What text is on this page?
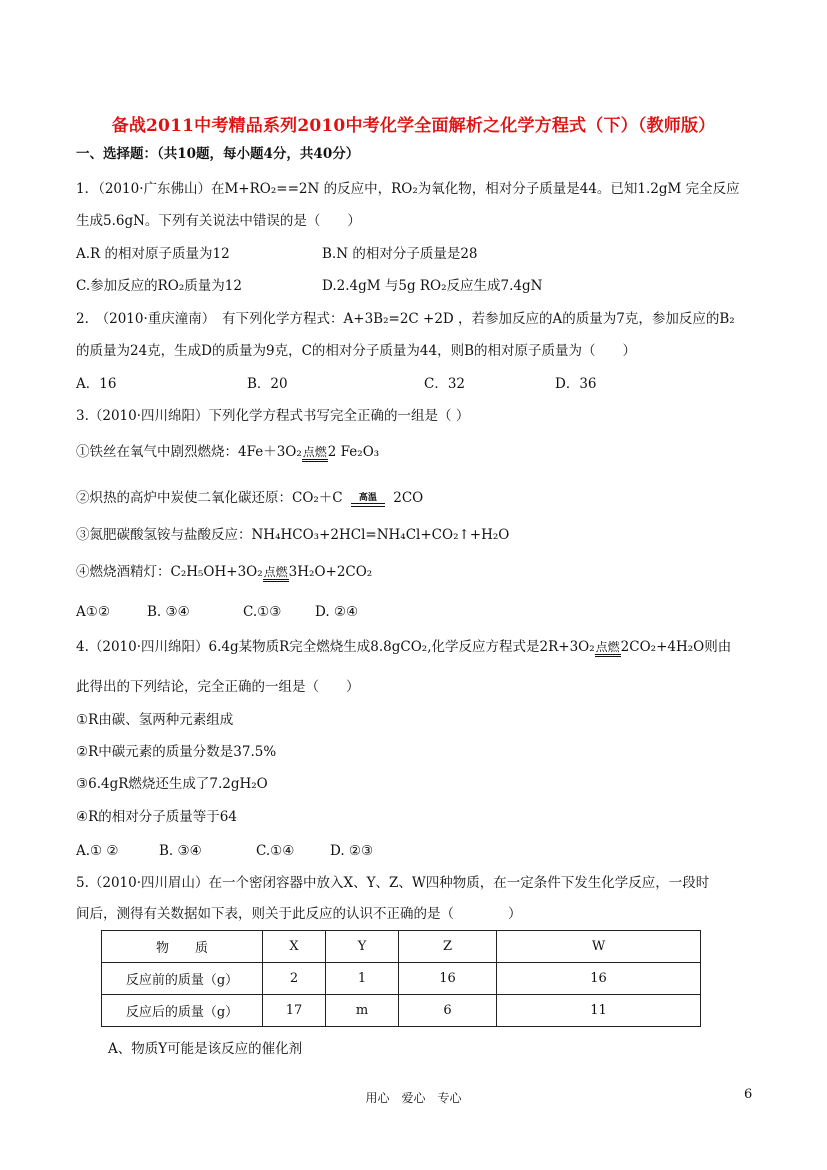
备战2011中考精品系列2010中考化学全面解析之化学方程式（下）（教师版）
一、选择题：（共10题，每小题4分，共40分）
1．（2010·广东佛山）在M+RO₂==2N 的反应中，RO₂为氧化物，相对分子质量是44。已知1.2gM 完全反应
生成5.6gN。下列有关说法中错误的是（　　）
A.R 的相对原子质量为12	B.N 的相对分子质量是28
C.参加反应的RO₂质量为12	D.2.4gM 与5g RO₂反应生成7.4gN
2.　（2010·重庆潼南）　有下列化学方程式：A+3B₂=2C +2D ，若参加反应的A的质量为7克，参加反应的B₂
的质量为24克，生成D的质量为9克，C的相对分子质量为44，则B的相对原子质量为（　　）
A．16	B．20	C．32	D．36
3.（2010·四川绵阳）下列化学方程式书写完全正确的一组是（ ）
①铁丝在氧气中剧烈燃烧：4Fe＋3O₂点燃2 Fe₂O₃
②炽热的高炉中炭使二氧化碳还原：CO₂＋C	高温	2CO
③氮肥碳酸氢铵与盐酸反应：NH₄HCO₃+2HCl=NH₄Cl+CO₂↑+H₂O
④燃烧酒精灯：C₂H₅OH+3O₂点燃3H₂O+2CO₂
A①②	B. ③④	C.①③ D. ②④
4.（2010·四川绵阳）6.4g某物质R完全燃烧生成8.8gCO₂,化学反应方程式是2R+3O₂点燃2CO₂+4H₂O则由
此得出的下列结论，完全正确的一组是（　　）
①R由碳、氢两种元素组成
②R中碳元素的质量分数是37.5%
③6.4gR燃烧还生成了7.2gH₂O
④R的相对分子质量等于64
A.① ②	B. ③④	C.①④	D. ②③
5.（2010·四川眉山）在一个密闭容器中放入X、Y、Z、W四种物质，在一定条件下发生化学反应，一段时
间后，测得有关数据如下表，则关于此反应的认识不正确的是（　　　　）
物　　质	X	Y	Z	W
反应前的质量（g）	2	1	16	16
反应后的质量（g）	17	m	6	11
A、物质Y可能是该反应的催化剂
用心　爱心　专心	6
